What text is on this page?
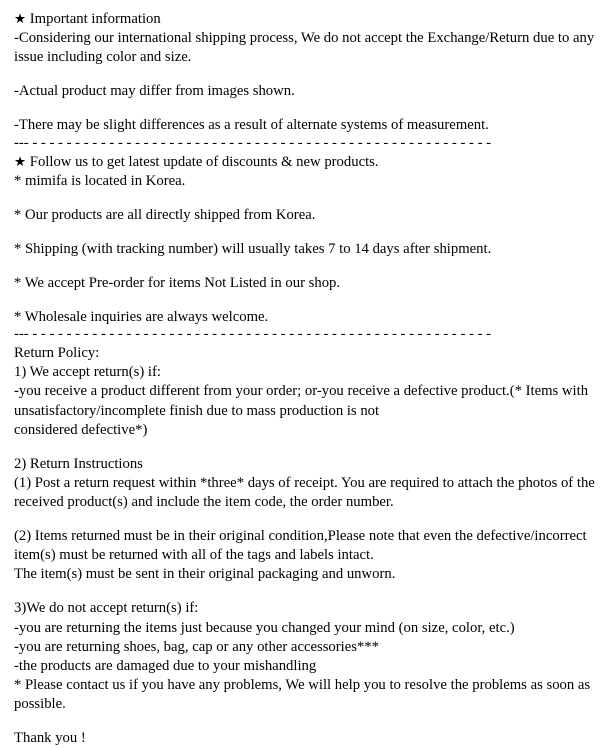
★ Important information

-Considering our international shipping process, We do not accept the Exchange/Return due to any issue including color and size.

-Actual product may differ from images shown.

-There may be slight differences as a result of alternate systems of measurement.

--- - - - - - - - - - - - - - - - - - - - - - - - - - - - - - - - - - - - - - - - - - - - - - - - - - - - - - -

★ Follow us to get latest update of discounts & new products.

* mimifa is located in Korea.

* Our products are all directly shipped from Korea.

* Shipping (with tracking number) will usually takes 7 to 14 days after shipment.

* We accept Pre-order for items Not Listed in our shop.

* Wholesale inquiries are always welcome.

--- - - - - - - - - - - - - - - - - - - - - - - - - - - - - - - - - - - - - - - - - - - - - - - - - - - - - - -

Return Policy:

1) We accept return(s) if:

-you receive a product different from your order; or-you receive a defective product.(* Items with unsatisfactory/incomplete finish due to mass production is not

considered defective*)

2) Return Instructions

(1) Post a return request within *three* days of receipt. You are required to attach the photos of the received product(s) and include the item code, the order number.

(2) Items returned must be in their original condition,Please note that even the defective/incorrect item(s) must be returned with all of the tags and labels intact.

The item(s) must be sent in their original packaging and unworn.

3)We do not accept return(s) if:

-you are returning the items just because you changed your mind (on size, color, etc.)

-you are returning shoes, bag, cap or any other accessories***

-the products are damaged due to your mishandling

* Please contact us if you have any problems, We will help you to resolve the problems as soon as possible.

Thank you !
